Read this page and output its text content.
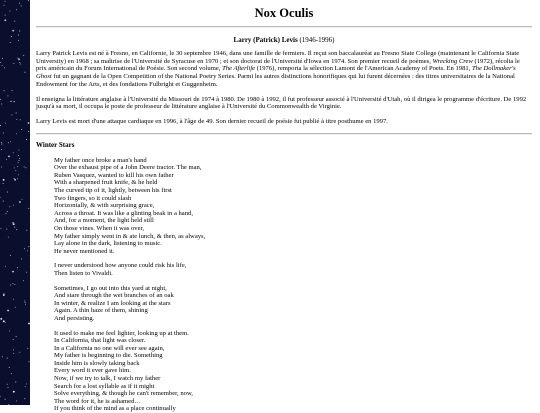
Nox Oculis
Larry (Patrick) Levis (1946-1996)

Larry Patrick Levis est né à Fresno, en Californie, le 30 septembre 1946, dans une famille de fermiers. Il reçut son baccalauréat au Fresno State College (maintenant le California State University) en 1968 ; sa maîtrise de l'Université de Syracuse en 1970 ; et son doctorat de l'Université d'Iowa en 1974. Son premier recueil de poèmes, Wrecking Crew (1972), récolta le prix américain du Forum International de Poésie. Son second volume, The Afterlife (1976), remporta la sélection Lamont de l'American Academy of Poets. En 1981, The Dollmaker's Ghost fut un gagnant de la Open Competition of the National Poetry Series. Parmi les autres distinctions honorifiques qui lui furent décernées : des titres universitaires de la National Endowment for the Arts, et des fondations Fulbright et Guggenheim.

Il enseigna la littérature anglaise à l'Université du Missouri de 1974 à 1980. De 1980 à 1992, il fut professeur associé à l'Université d'Utah, où il dirigea le programme d'écriture. De 1992 jusqu'à sa mort, il occupa le poste de professeur de littérature anglaise à l'Université du Commonwealth de Virginie.

Larry Levis est mort d'une attaque cardiaque en 1996, à l'âge de 49. Son dernier recueil de poésie fut publié à titre posthume en 1997.

Winter Stars
My father once broke a man's hand
Over the exhaust pipe of a John Deere tractor. The man,
Ruben Vasquez, wanted to kill his own father
With a sharpened fruit knife, & he held
The curved tip of it, lightly, between his first
Two fingers, so it could slash
Horizontally, & with surprising grace,
Across a throat. It was like a glinting beak in a hand,
And, for a moment, the light held still
On those vines. When it was over,
My father simply went in & ate lunch, & then, as always,
Lay alone in the dark, listening to music.
He never mentioned it.
I never understood how anyone could risk his life,
Then listen to Vivaldi.
Sometimes, I go out into this yard at night,
And stare through the wet branches of an oak
In winter, & realize I am looking at the stars
Again. A thin haze of them, shining
And persisting.
It used to make me feel lighter, looking up at them.
In California, that light was closer.
In a California no one will ever see again,
My father is beginning to die. Something
Inside him is slowly taking back
Every word it ever gave him.
Now, if we try to talk, I watch my father
Search for a lost syllable as if it might
Solve everything, & though he can't remember, now,
The word for it, he is ashamed…
If you think of the mind as a place continually
